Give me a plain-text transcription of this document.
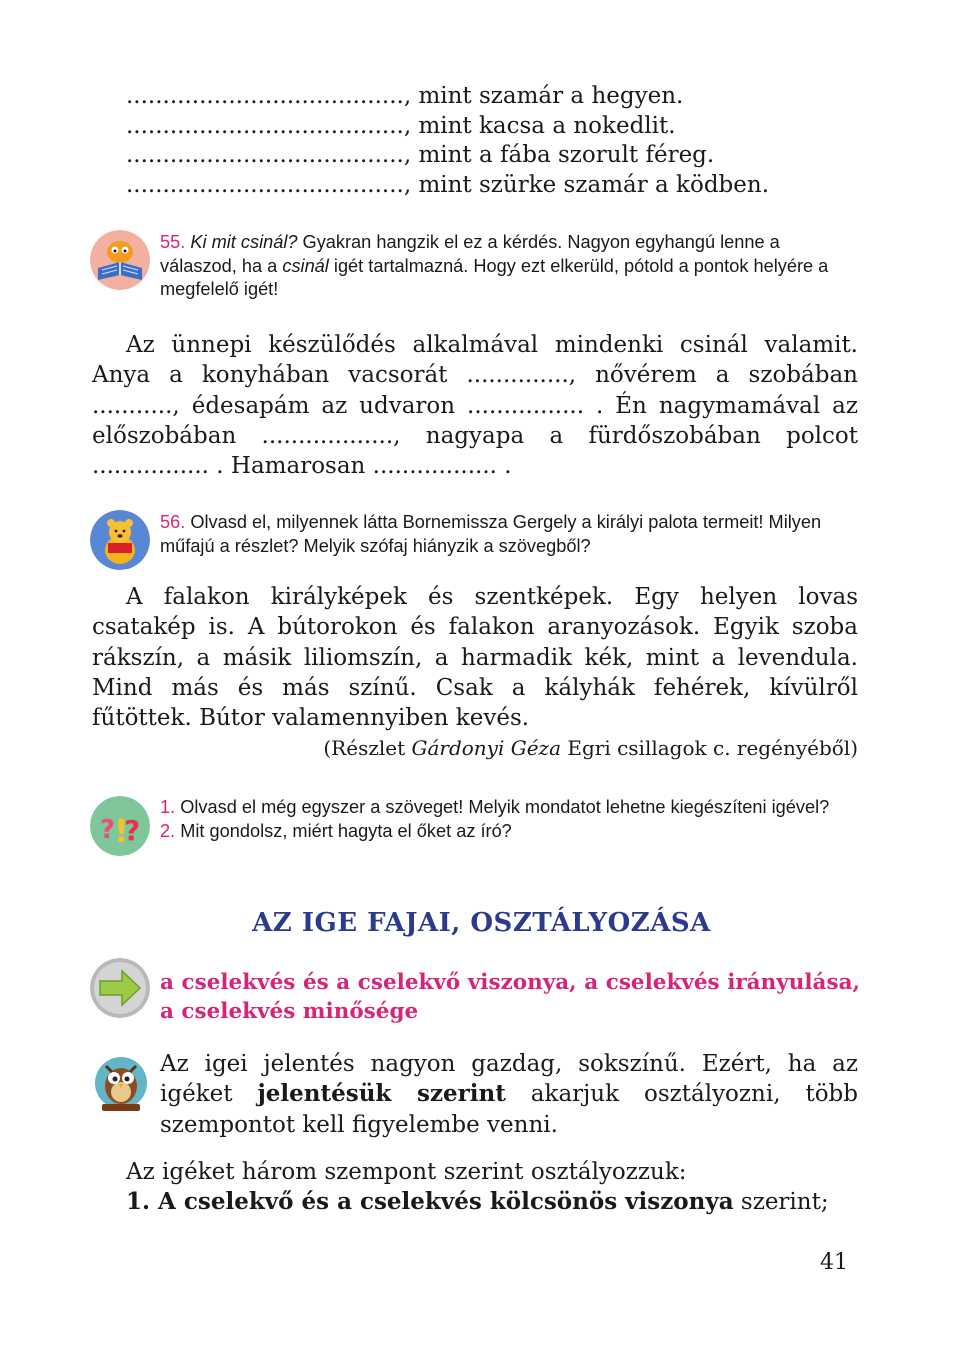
......................................, mint szamár a hegyen.
......................................, mint kacsa a nokedlit.
......................................, mint a fába szorult féreg.
......................................, mint szürke szamár a ködben.
55. Ki mit csinál? Gyakran hangzik el ez a kérdés. Nagyon egyhangú lenne a válaszod, ha a csinál igét tartalmazná. Hogy ezt elkerüld, pótold a pontok helyére a megfelelő igét!

Az ünnepi készülődés alkalmával mindenki csinál valamit. Anya a konyhában vacsorát .............., nővérem a szobában ..........., édesapám az udvaron ................ . Én nagymamával az előszobában .................., nagyapa a fürdőszobában polcot ................ . Hamarosan ................. .

56. Olvasd el, milyennek látta Bornemissza Gergely a királyi palota termeit! Milyen műfajú a részlet? Melyik szófaj hiányzik a szövegből?

A falakon királyképek és szentképek. Egy helyen lovas csatakép is. A bútorokon és falakon aranyozások. Egyik szoba rákszín, a másik liliomszín, a harmadik kék, mint a levendula. Mind más és más színű. Csak a kályhák fehérek, kívülről fűtöttek. Bútor valamennyiben kevés.

(Részlet Gárdonyi Géza Egri csillagok c. regényéből)
?
!
?
1. Olvasd el még egyszer a szöveget! Melyik mondatot lehetne kiegészíteni igével?
2. Mit gondolsz, miért hagyta el őket az író?
AZ IGE FAJAI, OSZTÁLYOZÁSA
a cselekvés és a cselekvő viszonya, a cselekvés irányulása, a cselekvés minősége

Az igei jelentés nagyon gazdag, sokszínű. Ezért, ha az igéket jelentésük szerint akarjuk osztályozni, több szempontot kell figyelembe venni.

Az igéket három szempont szerint osztályozzuk:

1. A cselekvő és a cselekvés kölcsönös viszonya szerint;

41
